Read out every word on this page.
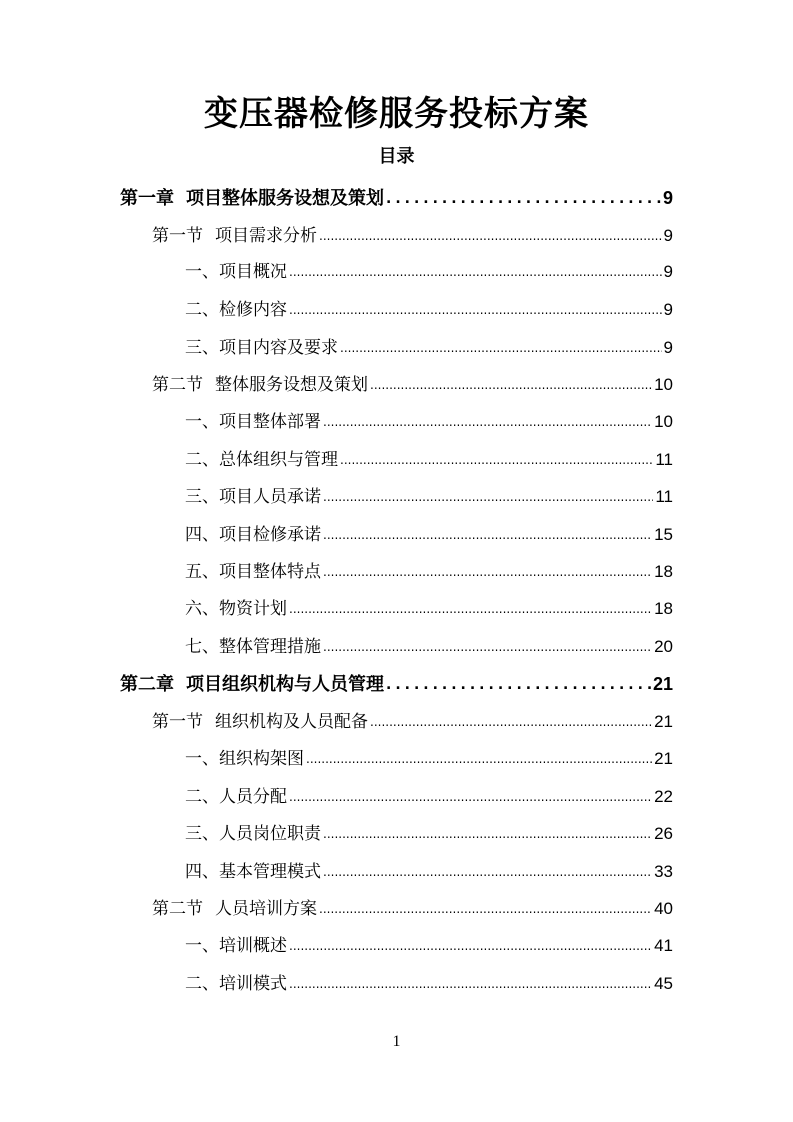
变压器检修服务投标方案
目录
第一章 项目整体服务设想及策划 .....	9
第一节 项目需求分析 .....	9
一、项目概况 .....	9
二、检修内容 .....	9
三、项目内容及要求 .....	9
第二节 整体服务设想及策划 .....	10
一、项目整体部署 .....	10
二、总体组织与管理 .....	11
三、项目人员承诺 .....	11
四、项目检修承诺 .....	15
五、项目整体特点 .....	18
六、物资计划 .....	18
七、整体管理措施 .....	20
第二章 项目组织机构与人员管理 .....	21
第一节 组织机构及人员配备 .....	21
一、组织构架图 .....	21
二、人员分配 .....	22
三、人员岗位职责 .....	26
四、基本管理模式 .....	33
第二节 人员培训方案 .....	40
一、培训概述 .....	41
二、培训模式 .....	45
1
